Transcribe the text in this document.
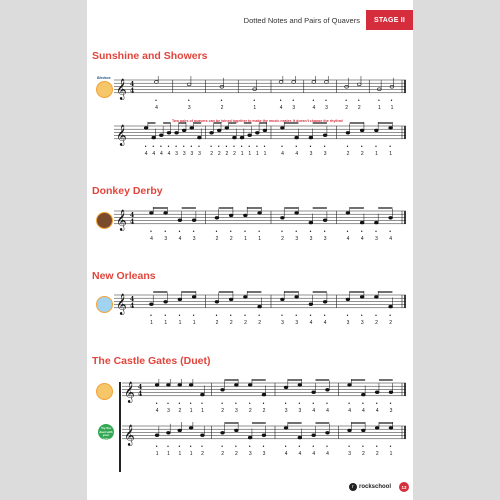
Dotted Notes and Pairs of Quavers	STAGE II
Sunshine and Showers
Bledsoe
𝄞 4
4
•
4
•
3
•
2
•
1
•
4
•
3
•
4
•
3
•
2
•
2
•
1
•
1
𝄞
•
4
•
4
•
4
•
4
•
3
•
3
•
3
•
3
•
2
•
2
•
2
•
2
•
1
•
1
•
1
•
1
•
4
•
4
•
3
•
3
•
2
•
2
•
1
•
1
Two pairs of quavers can be joined together to make the music neater. It doesn't change the rhythm!
Donkey Derby
𝄞 4
4
•
4
•
3
•
4
•
3
•
2
•
2
•
1
•
1
•
2
•
3
•
3
•
3
•
4
•
4
•
3
•
4
New Orleans
𝄞 4
4
•
1
•
1
•
1
•
1
•
2
•
2
•
2
•
2
•
3
•
3
•
4
•
4
•
3
•
3
•
2
•
2
The Castle Gates (Duet)
Try the duet with your teacher!
𝄞 4
4
•
4
•
3
•
2
•
1
•
1
•
2
•
3
•
2
•
2
•
3
•
3
•
4
•
4
•
4
•
4
•
4
•
3
𝄞
•
1
•
1
•
1
•
1
•
2
•
2
•
2
•
3
•
3
•
4
•
4
•
4
•
4
•
3
•
2
•
2
•
1
r rockschool	13
